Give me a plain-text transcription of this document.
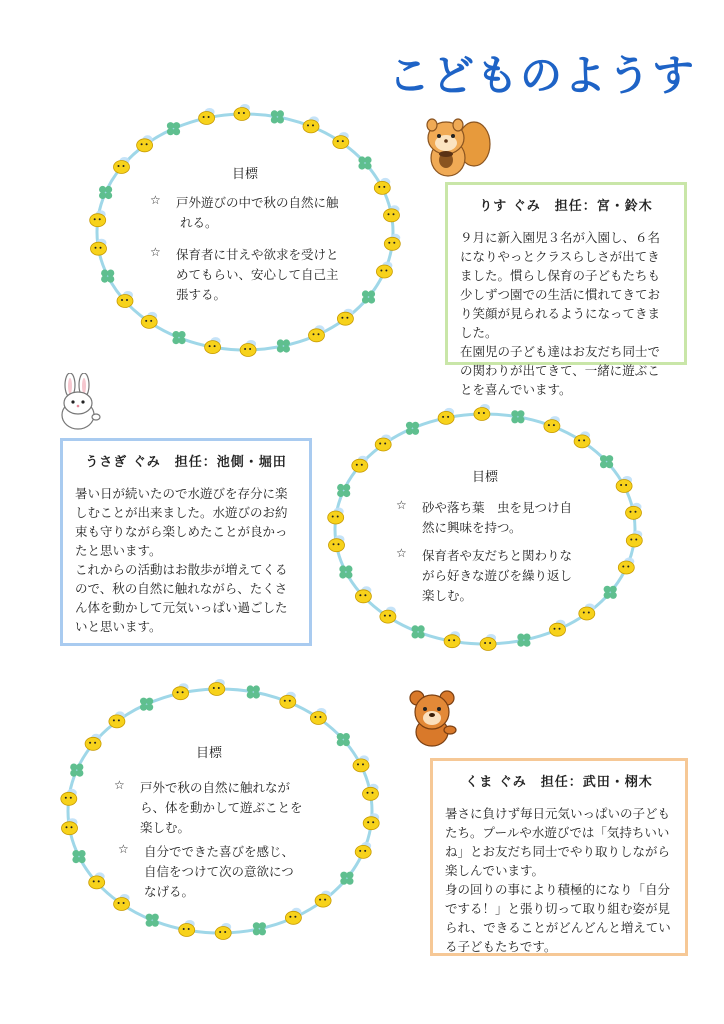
こどものようす
目標
☆	戸外遊びの中で秋の自然に触
れる。
☆	保育者に甘えや欲求を受けと
めてもらい、安心して自己主
張する。
目標
☆	砂や落ち葉　虫を見つけ自
然に興味を持つ。
☆	保育者や友だちと関わりな
がら好きな遊びを繰り返し
楽しむ。
目標
☆	戸外で秋の自然に触れなが
ら、体を動かして遊ぶことを
楽しむ。
☆	自分でできた喜びを感じ、
自信をつけて次の意欲につ
なげる。
りす ぐみ　担任：宮・鈴木

９月に新入園児３名が入園し、６名になりやっとクラスらしさが出てきました。慣らし保育の子どもたちも少しずつ園での生活に慣れてきており笑顔が見られるようになってきました。

在園児の子ども達はお友だち同士での関わりが出てきて、一緒に遊ぶことを喜んでいます。

うさぎ ぐみ　担任：池側・堀田

暑い日が続いたので水遊びを存分に楽しむことが出来ました。水遊びのお約束も守りながら楽しめたことが良かったと思います。

これからの活動はお散歩が増えてくるので、秋の自然に触れながら、たくさん体を動かして元気いっぱい過ごしたいと思います。

くま ぐみ　担任：武田・栩木

暑さに負けず毎日元気いっぱいの子どもたち。プールや水遊びでは「気持ちいいね」とお友だち同士でやり取りしながら楽しんでいます。

身の回りの事により積極的になり「自分でする！」と張り切って取り組む姿が見られ、できることがどんどんと増えている子どもたちです。
